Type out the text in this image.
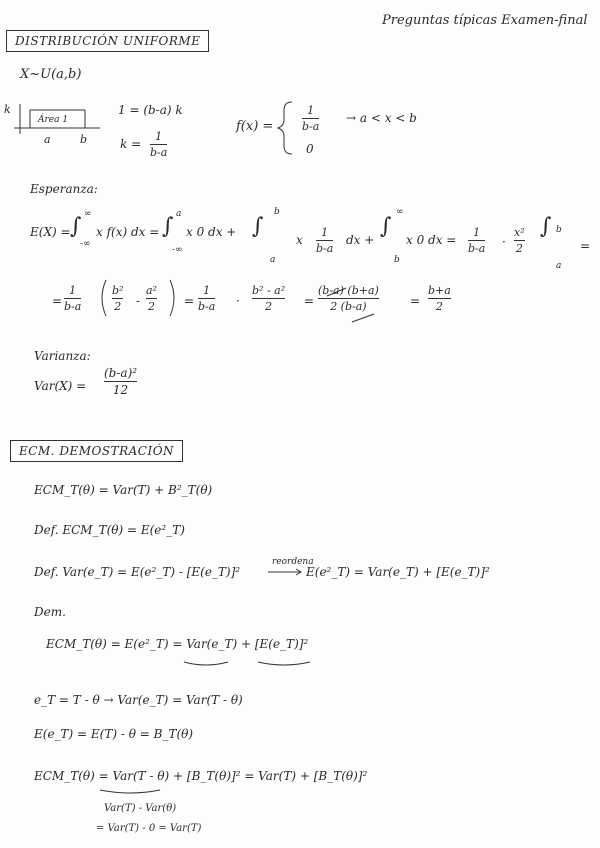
Preguntas típicas Examen-final
DISTRIBUCIÓN UNIFORME
X~U(a,b)
k
Área 1
a	b
1 = (b-a) k
k =
1
b-a
f(x) =
1
b-a
→ a < x < b
0
Esperanza:
E(X) = ∫ ∞
-∞
x f(x) dx = ∫ a
-∞
x 0 dx + ∫
b
a
x
1
b-a
dx +
∫
∞
b
x 0 dx =
1
b-a ·
x²
2
∫ b
a
=
=
1
b-a
b²
2 -
a²
2 =
1
b-a ·
b² - a²
2	=
(b-a) (b+a)
2 (b-a)	=
b+a
2
Varianza:
Var(X) =
(b-a)²
12
ECM. DEMOSTRACIÓN
ECM_T(θ) = Var(T) + B²_T(θ)
Def. ECM_T(θ) = E(e²_T)
Def. Var(e_T) = E(e²_T) - [E(e_T)]²
reordena
E(e²_T) = Var(e_T) + [E(e_T)]²
Dem.
ECM_T(θ) = E(e²_T) = Var(e_T) + [E(e_T)]²
e_T = T - θ → Var(e_T) = Var(T - θ)
E(e_T) = E(T) - θ = B_T(θ)
ECM_T(θ) = Var(T - θ) + [B_T(θ)]² = Var(T) + [B_T(θ)]²
Var(T) - Var(θ)
= Var(T) - 0 = Var(T)
